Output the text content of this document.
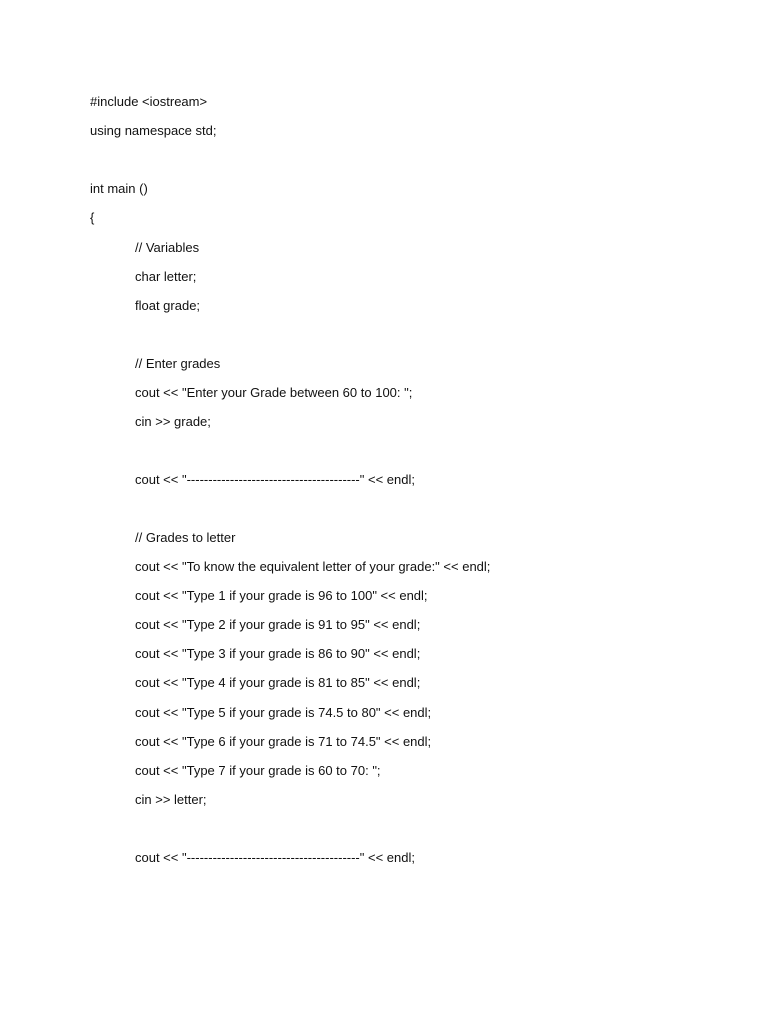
#include <iostream>
using namespace std;
int main ()
{
// Variables
char letter;
float grade;
// Enter grades
cout << "Enter your Grade between 60 to 100: ";
cin >> grade;
cout << "----------------------------------------" << endl;
// Grades to letter
cout << "To know the equivalent letter of your grade:" << endl;
cout << "Type 1 if your grade is 96 to 100" << endl;
cout << "Type 2 if your grade is 91 to 95" << endl;
cout << "Type 3 if your grade is 86 to 90" << endl;
cout << "Type 4 if your grade is 81 to 85" << endl;
cout << "Type 5 if your grade is 74.5 to 80" << endl;
cout << "Type 6 if your grade is 71 to 74.5" << endl;
cout << "Type 7 if your grade is 60 to 70: ";
cin >> letter;
cout << "----------------------------------------" << endl;
